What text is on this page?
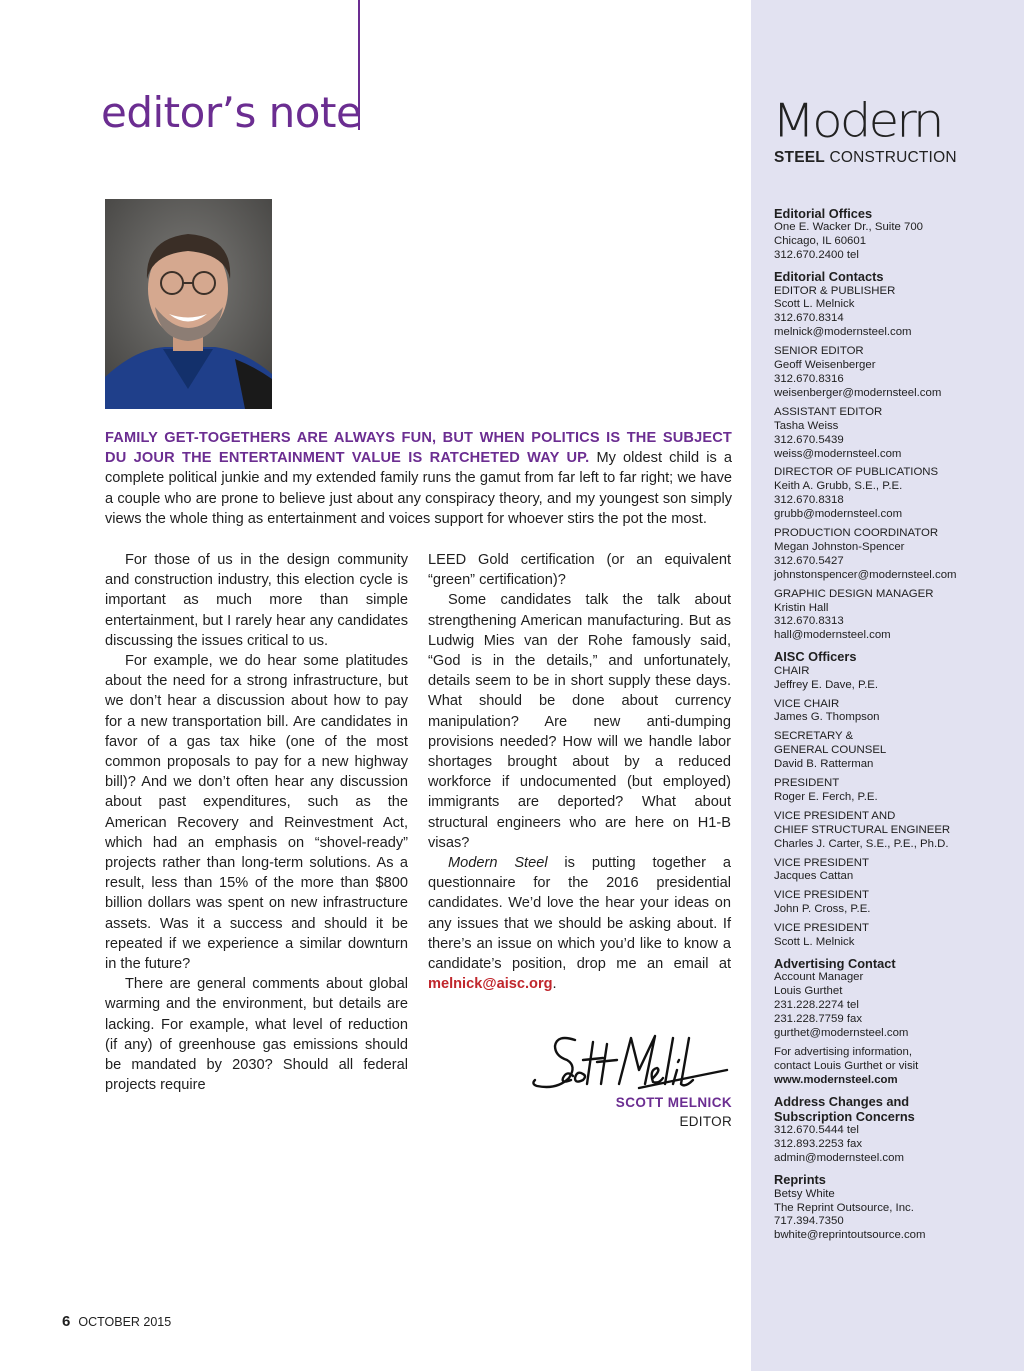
editor’s note
FAMILY GET-TOGETHERS ARE ALWAYS FUN, BUT WHEN POLITICS IS THE SUBJECT DU JOUR THE ENTERTAINMENT VALUE IS RATCHETED WAY UP. My oldest child is a complete political junkie and my extended family runs the gamut from far left to far right; we have a couple who are prone to believe just about any conspiracy theory, and my youngest son simply views the whole thing as entertainment and voices support for whoever stirs the pot the most.

For those of us in the design community and construction industry, this election cycle is important as much more than simple entertainment, but I rarely hear any candidates discussing the issues critical to us.

For example, we do hear some platitudes about the need for a strong infrastructure, but we don’t hear a discussion about how to pay for a new transportation bill. Are candidates in favor of a gas tax hike (one of the most common proposals to pay for a new highway bill)? And we don’t often hear any discussion about past expenditures, such as the American Recovery and Reinvestment Act, which had an emphasis on “shovel-ready” projects rather than long-term solutions. As a result, less than 15% of the more than $800 billion dollars was spent on new infrastructure assets. Was it a success and should it be repeated if we experience a similar downturn in the future?

There are general comments about global warming and the environment, but details are lacking. For example, what level of reduction (if any) of greenhouse gas emissions should be mandated by 2030? Should all federal projects require

LEED Gold certification (or an equivalent “green” certification)?

Some candidates talk the talk about strengthening American manufacturing. But as Ludwig Mies van der Rohe famously said, “God is in the details,” and unfortunately, details seem to be in short supply these days. What should be done about currency manipulation? Are new anti-dumping provisions needed? How will we handle labor shortages brought about by a reduced workforce if undocumented (but employed) immigrants are deported? What about structural engineers who are here on H1-B visas?

Modern Steel is putting together a questionnaire for the 2016 presidential candidates. We’d love the hear your ideas on any issues that we should be asking about. If there’s an issue on which you’d like to know a candidate’s position, drop me an email at melnick@aisc.org.

SCOTT MELNICK
EDITOR
6 OCTOBER 2015
Modern
STEEL CONSTRUCTION
Editorial Offices
One E. Wacker Dr., Suite 700
Chicago, IL 60601
312.670.2400 tel
Editorial Contacts
EDITOR & PUBLISHER
Scott L. Melnick
312.670.8314
melnick@modernsteel.com
SENIOR EDITOR
Geoff Weisenberger
312.670.8316
weisenberger@modernsteel.com
ASSISTANT EDITOR
Tasha Weiss
312.670.5439
weiss@modernsteel.com
DIRECTOR OF PUBLICATIONS
Keith A. Grubb, S.E., P.E.
312.670.8318
grubb@modernsteel.com
PRODUCTION COORDINATOR
Megan Johnston-Spencer
312.670.5427
johnstonspencer@modernsteel.com
GRAPHIC DESIGN MANAGER
Kristin Hall
312.670.8313
hall@modernsteel.com
AISC Officers
CHAIR
Jeffrey E. Dave, P.E.
VICE CHAIR
James G. Thompson
SECRETARY &
GENERAL COUNSEL
David B. Ratterman
PRESIDENT
Roger E. Ferch, P.E.
VICE PRESIDENT AND
CHIEF STRUCTURAL ENGINEER
Charles J. Carter, S.E., P.E., Ph.D.
VICE PRESIDENT
Jacques Cattan
VICE PRESIDENT
John P. Cross, P.E.
VICE PRESIDENT
Scott L. Melnick
Advertising Contact
Account Manager
Louis Gurthet
231.228.2274 tel
231.228.7759 fax
gurthet@modernsteel.com
For advertising information,
contact Louis Gurthet or visit
www.modernsteel.com
Address Changes and Subscription Concerns
312.670.5444 tel
312.893.2253 fax
admin@modernsteel.com
Reprints
Betsy White
The Reprint Outsource, Inc.
717.394.7350
bwhite@reprintoutsource.com
